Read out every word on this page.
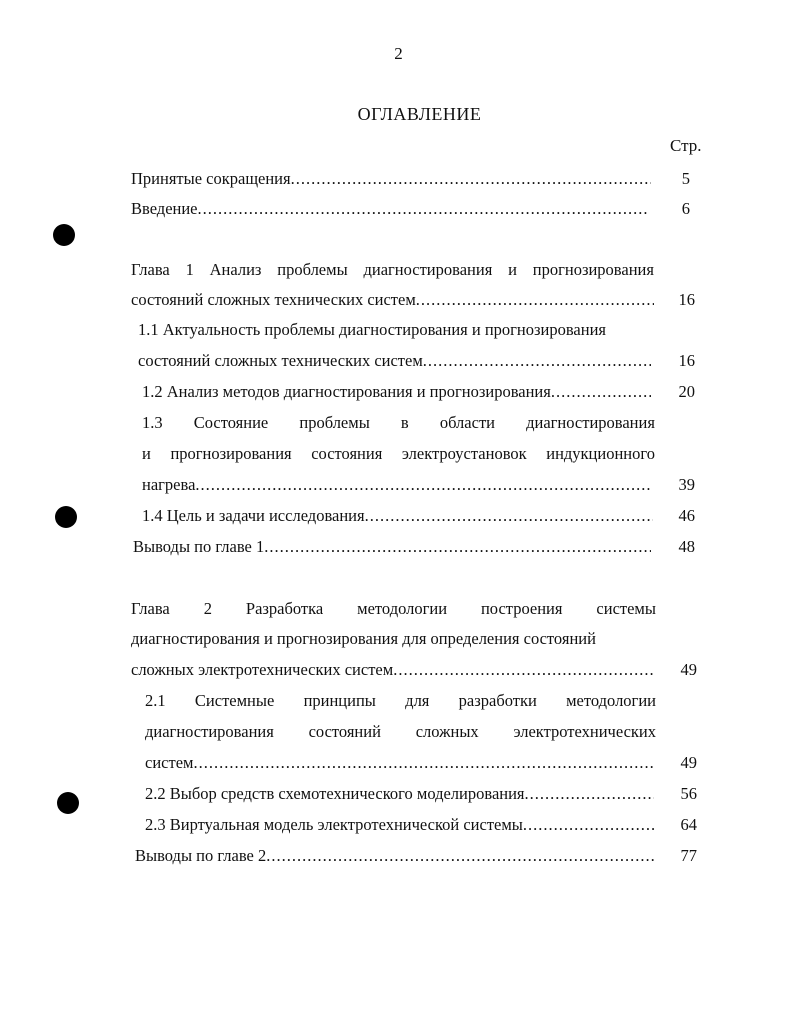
2
ОГЛАВЛЕНИЕ
Стр.
Принятые сокращения .....	5
Введение .....	6
Глава 1 Анализ проблемы диагностирования и прогнозирования
состояний сложных технических систем .....	16
1.1 Актуальность проблемы диагностирования и прогнозирования
состояний сложных технических систем .....	16
1.2 Анализ методов диагностирования и прогнозирования .....	20
1.3 Состояние проблемы в области диагностирования
и прогнозирования состояния электроустановок индукционного
нагрева .....	39
1.4 Цель и задачи исследования .....	46
Выводы по главе 1 .....	48
Глава 2 Разработка методологии построения системы
диагностирования и прогнозирования для определения состояний
сложных электротехнических систем .....	49
2.1 Системные принципы для разработки методологии
диагностирования состояний сложных электротехнических
систем .....	49
2.2 Выбор средств схемотехнического моделирования .....	56
2.3 Виртуальная модель электротехнической системы .....	64
Выводы по главе 2 .....	77
